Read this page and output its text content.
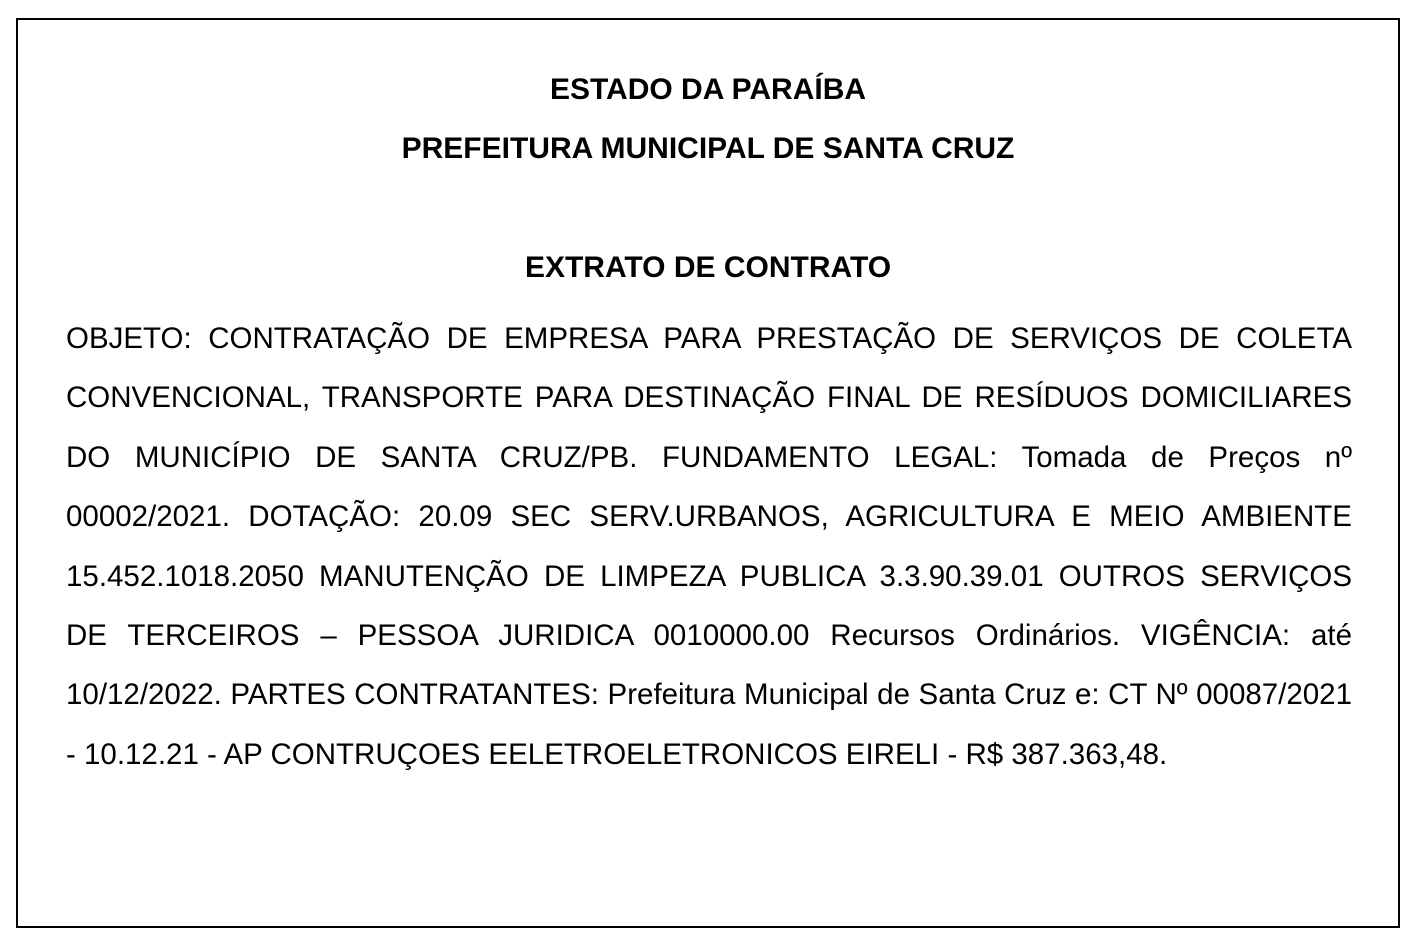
ESTADO DA PARAÍBA

PREFEITURA MUNICIPAL DE SANTA CRUZ

EXTRATO DE CONTRATO

OBJETO: CONTRATAÇÃO DE EMPRESA PARA PRESTAÇÃO DE SERVIÇOS DE COLETA CONVENCIONAL, TRANSPORTE PARA DESTINAÇÃO FINAL DE RESÍDUOS DOMICILIARES DO MUNICÍPIO DE SANTA CRUZ/PB. FUNDAMENTO LEGAL: Tomada de Preços nº 00002/2021. DOTAÇÃO: 20.09 SEC SERV.URBANOS, AGRICULTURA E MEIO AMBIENTE 15.452.1018.2050 MANUTENÇÃO DE LIMPEZA PUBLICA 3.3.90.39.01 OUTROS SERVIÇOS DE TERCEIROS – PESSOA JURIDICA 0010000.00 Recursos Ordinários. VIGÊNCIA: até 10/12/2022. PARTES CONTRATANTES: Prefeitura Municipal de Santa Cruz e: CT Nº 00087/2021 - 10.12.21 - AP CONTRUÇOES EELETROELETRONICOS EIRELI - R$ 387.363,48.
